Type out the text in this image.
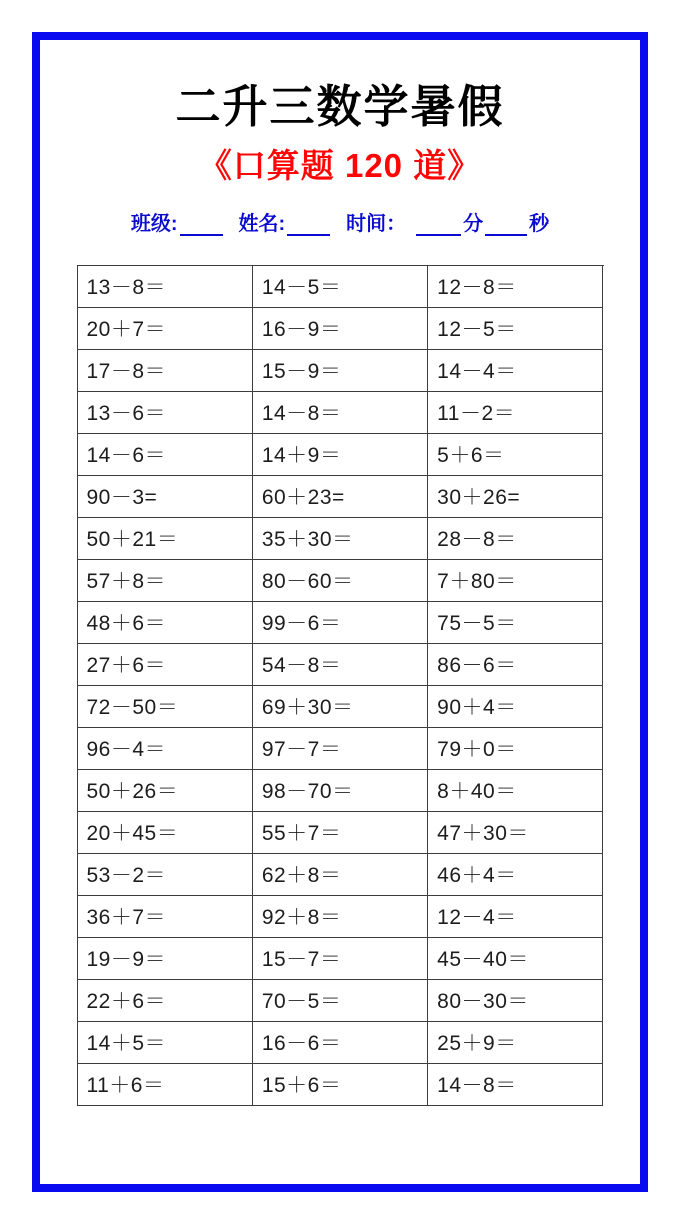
二升三数学暑假
《口算题 120 道》
班级:	姓名:	时间：	分 秒
13－8＝	14－5＝	12－8＝
20＋7＝	16－9＝	12－5＝
17－8＝	15－9＝	14－4＝
13－6＝	14－8＝	11－2＝
14－6＝	14＋9＝	5＋6＝
90－3=	60＋23=	30＋26=
50＋21＝	35＋30＝	28－8＝
57＋8＝	80－60＝	7＋80＝
48＋6＝	99－6＝	75－5＝
27＋6＝	54－8＝	86－6＝
72－50＝	69＋30＝	90＋4＝
96－4＝	97－7＝	79＋0＝
50＋26＝	98－70＝	8＋40＝
20＋45＝	55＋7＝	47＋30＝
53－2＝	62＋8＝	46＋4＝
36＋7＝	92＋8＝	12－4＝
19－9＝	15－7＝	45－40＝
22＋6＝	70－5＝	80－30＝
14＋5＝	16－6＝	25＋9＝
11＋6＝	15＋6＝	14－8＝
